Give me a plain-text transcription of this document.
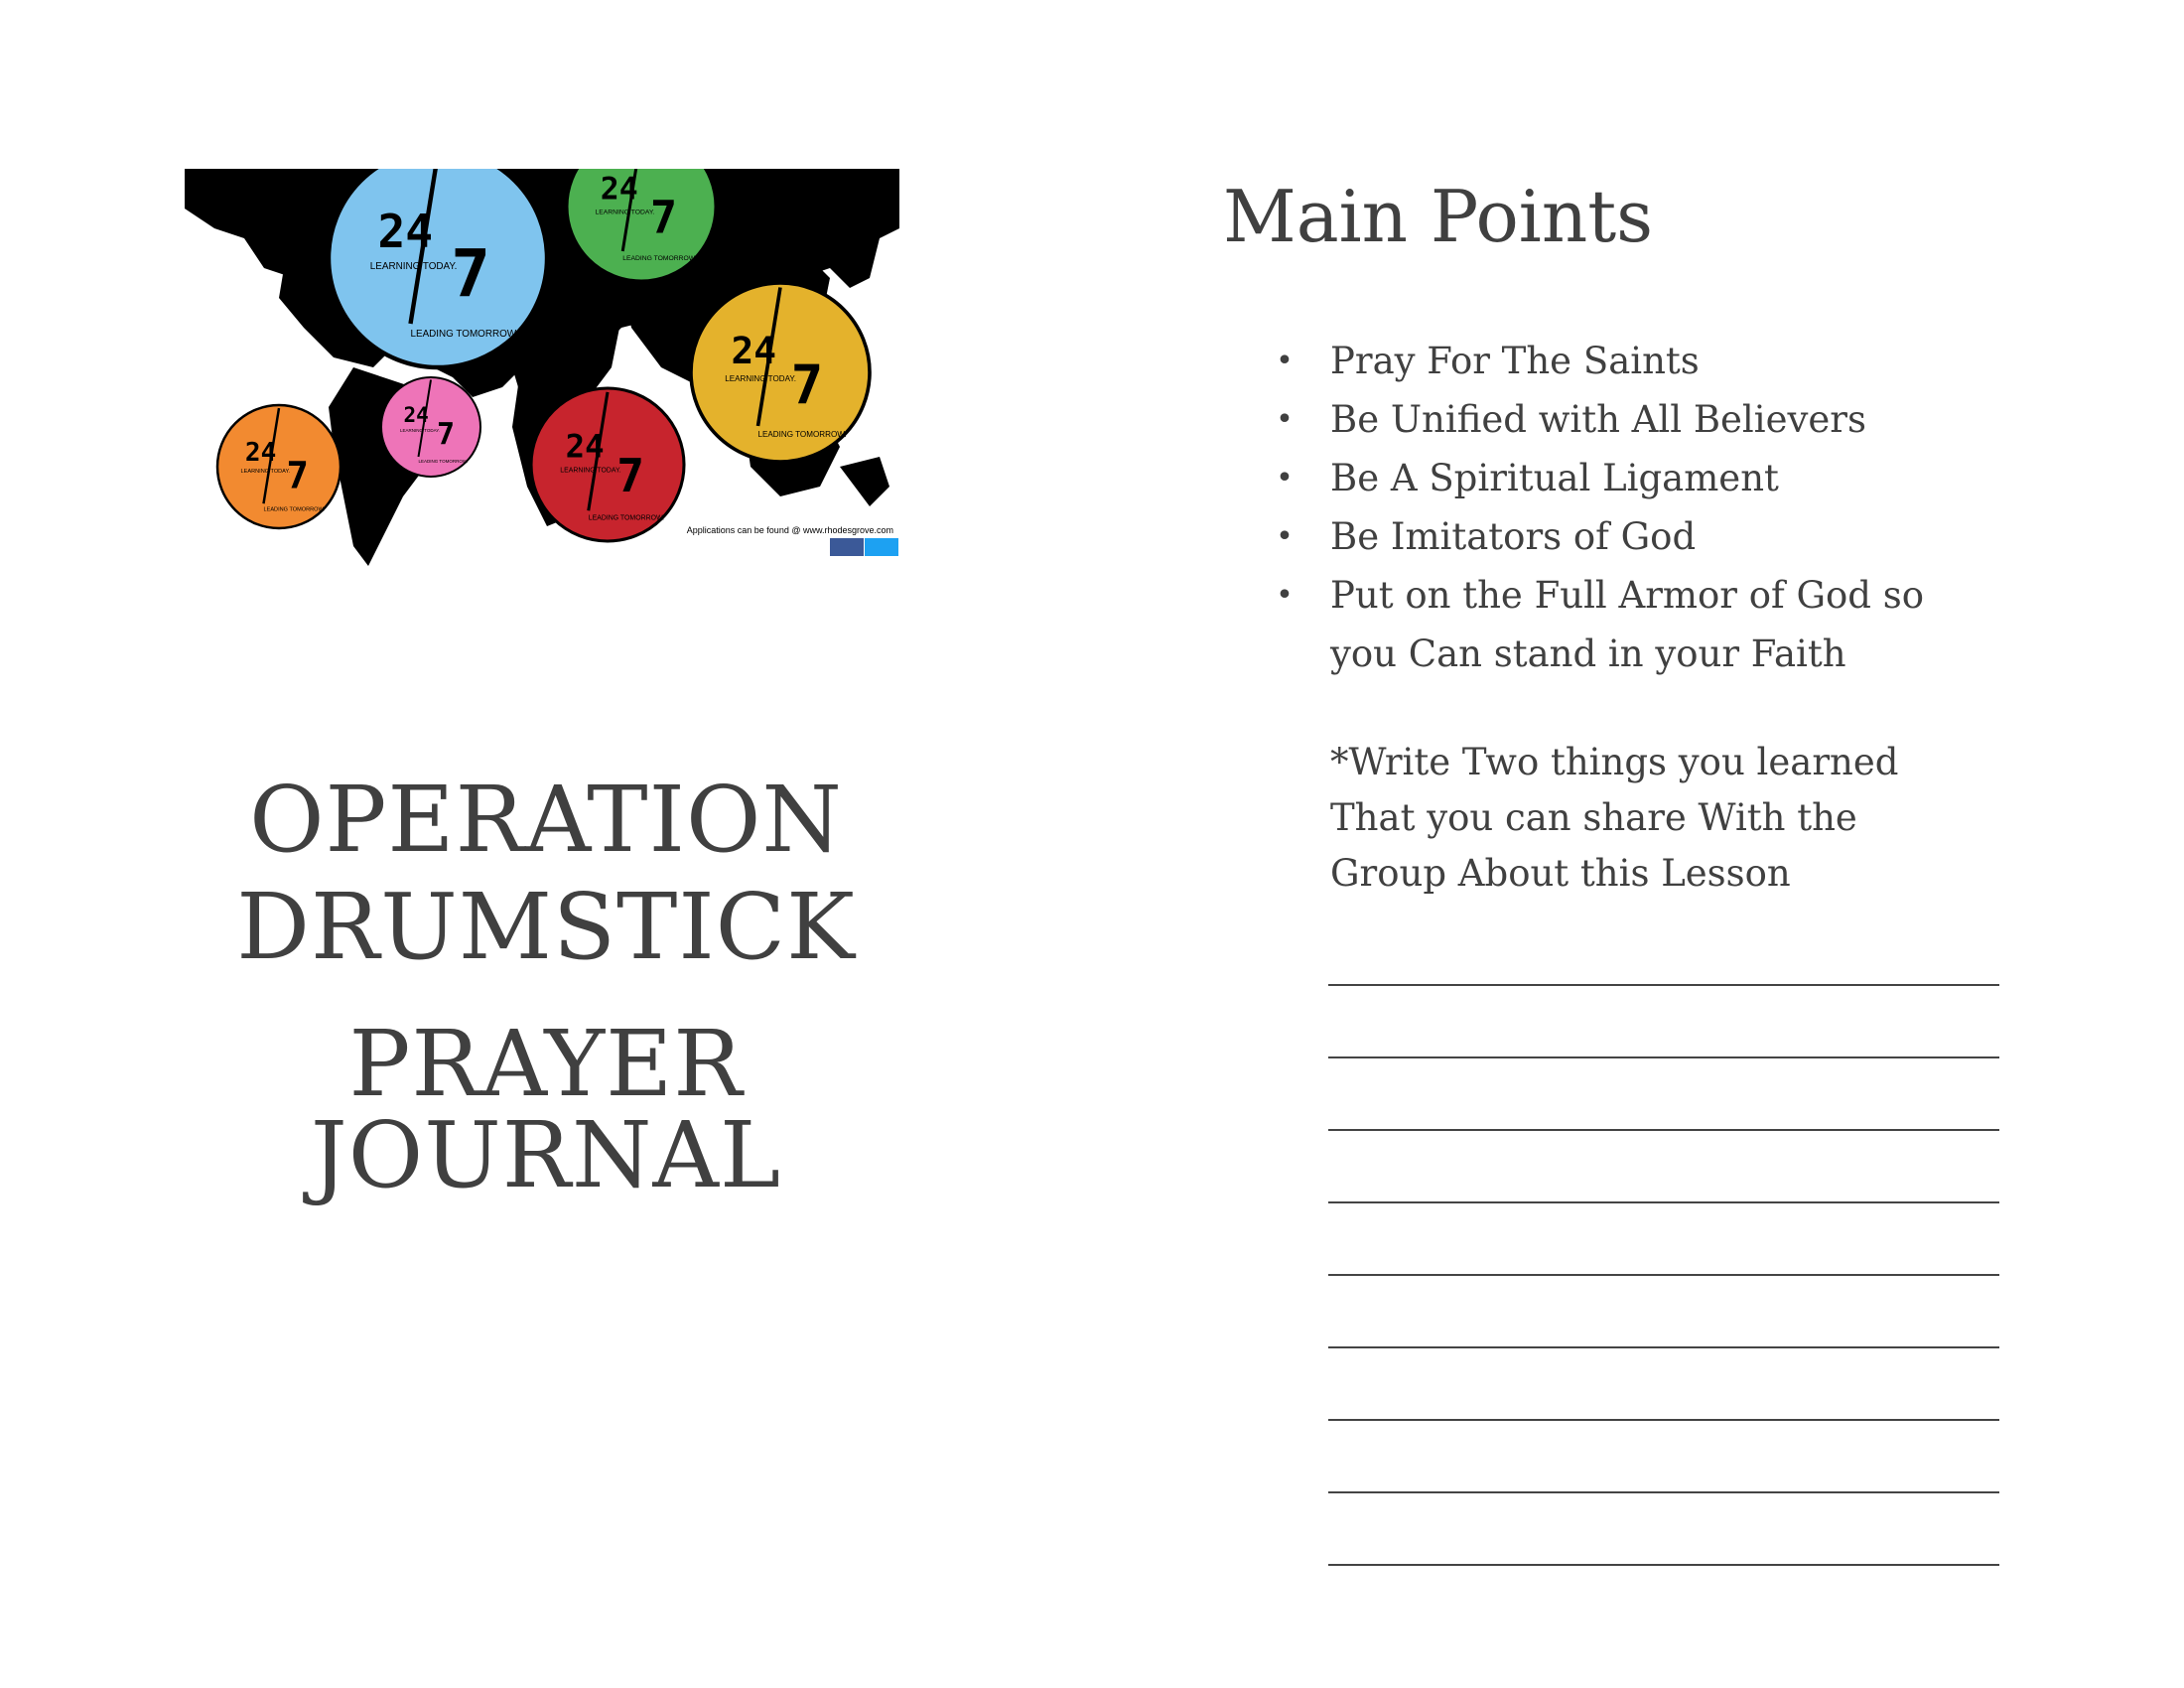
24
7
LEARNING TODAY.
LEADING TOMORROW.
24
7
LEARNING TODAY.
LEADING TOMORROW.
24
7
LEARNING TODAY.
LEADING TOMORROW.
24
7
LEARNING TODAY.
LEADING TOMORROW.	24
7
LEARNING TODAY.
LEADING TOMORROW.
24
7
LEARNING TODAY.
LEADING TOMORROW.
Applications can be found @ www.rhodesgrove.com
OPERATION
DRUMSTICK
PRAYER JOURNAL
Main Points
• Pray For The Saints
• Be Unified with All Believers
• Be A Spiritual Ligament
• Be Imitators of God
• Put on the Full Armor of God so
you Can stand in your Faith
*Write Two things you learned
That you can share With the
Group About this Lesson
